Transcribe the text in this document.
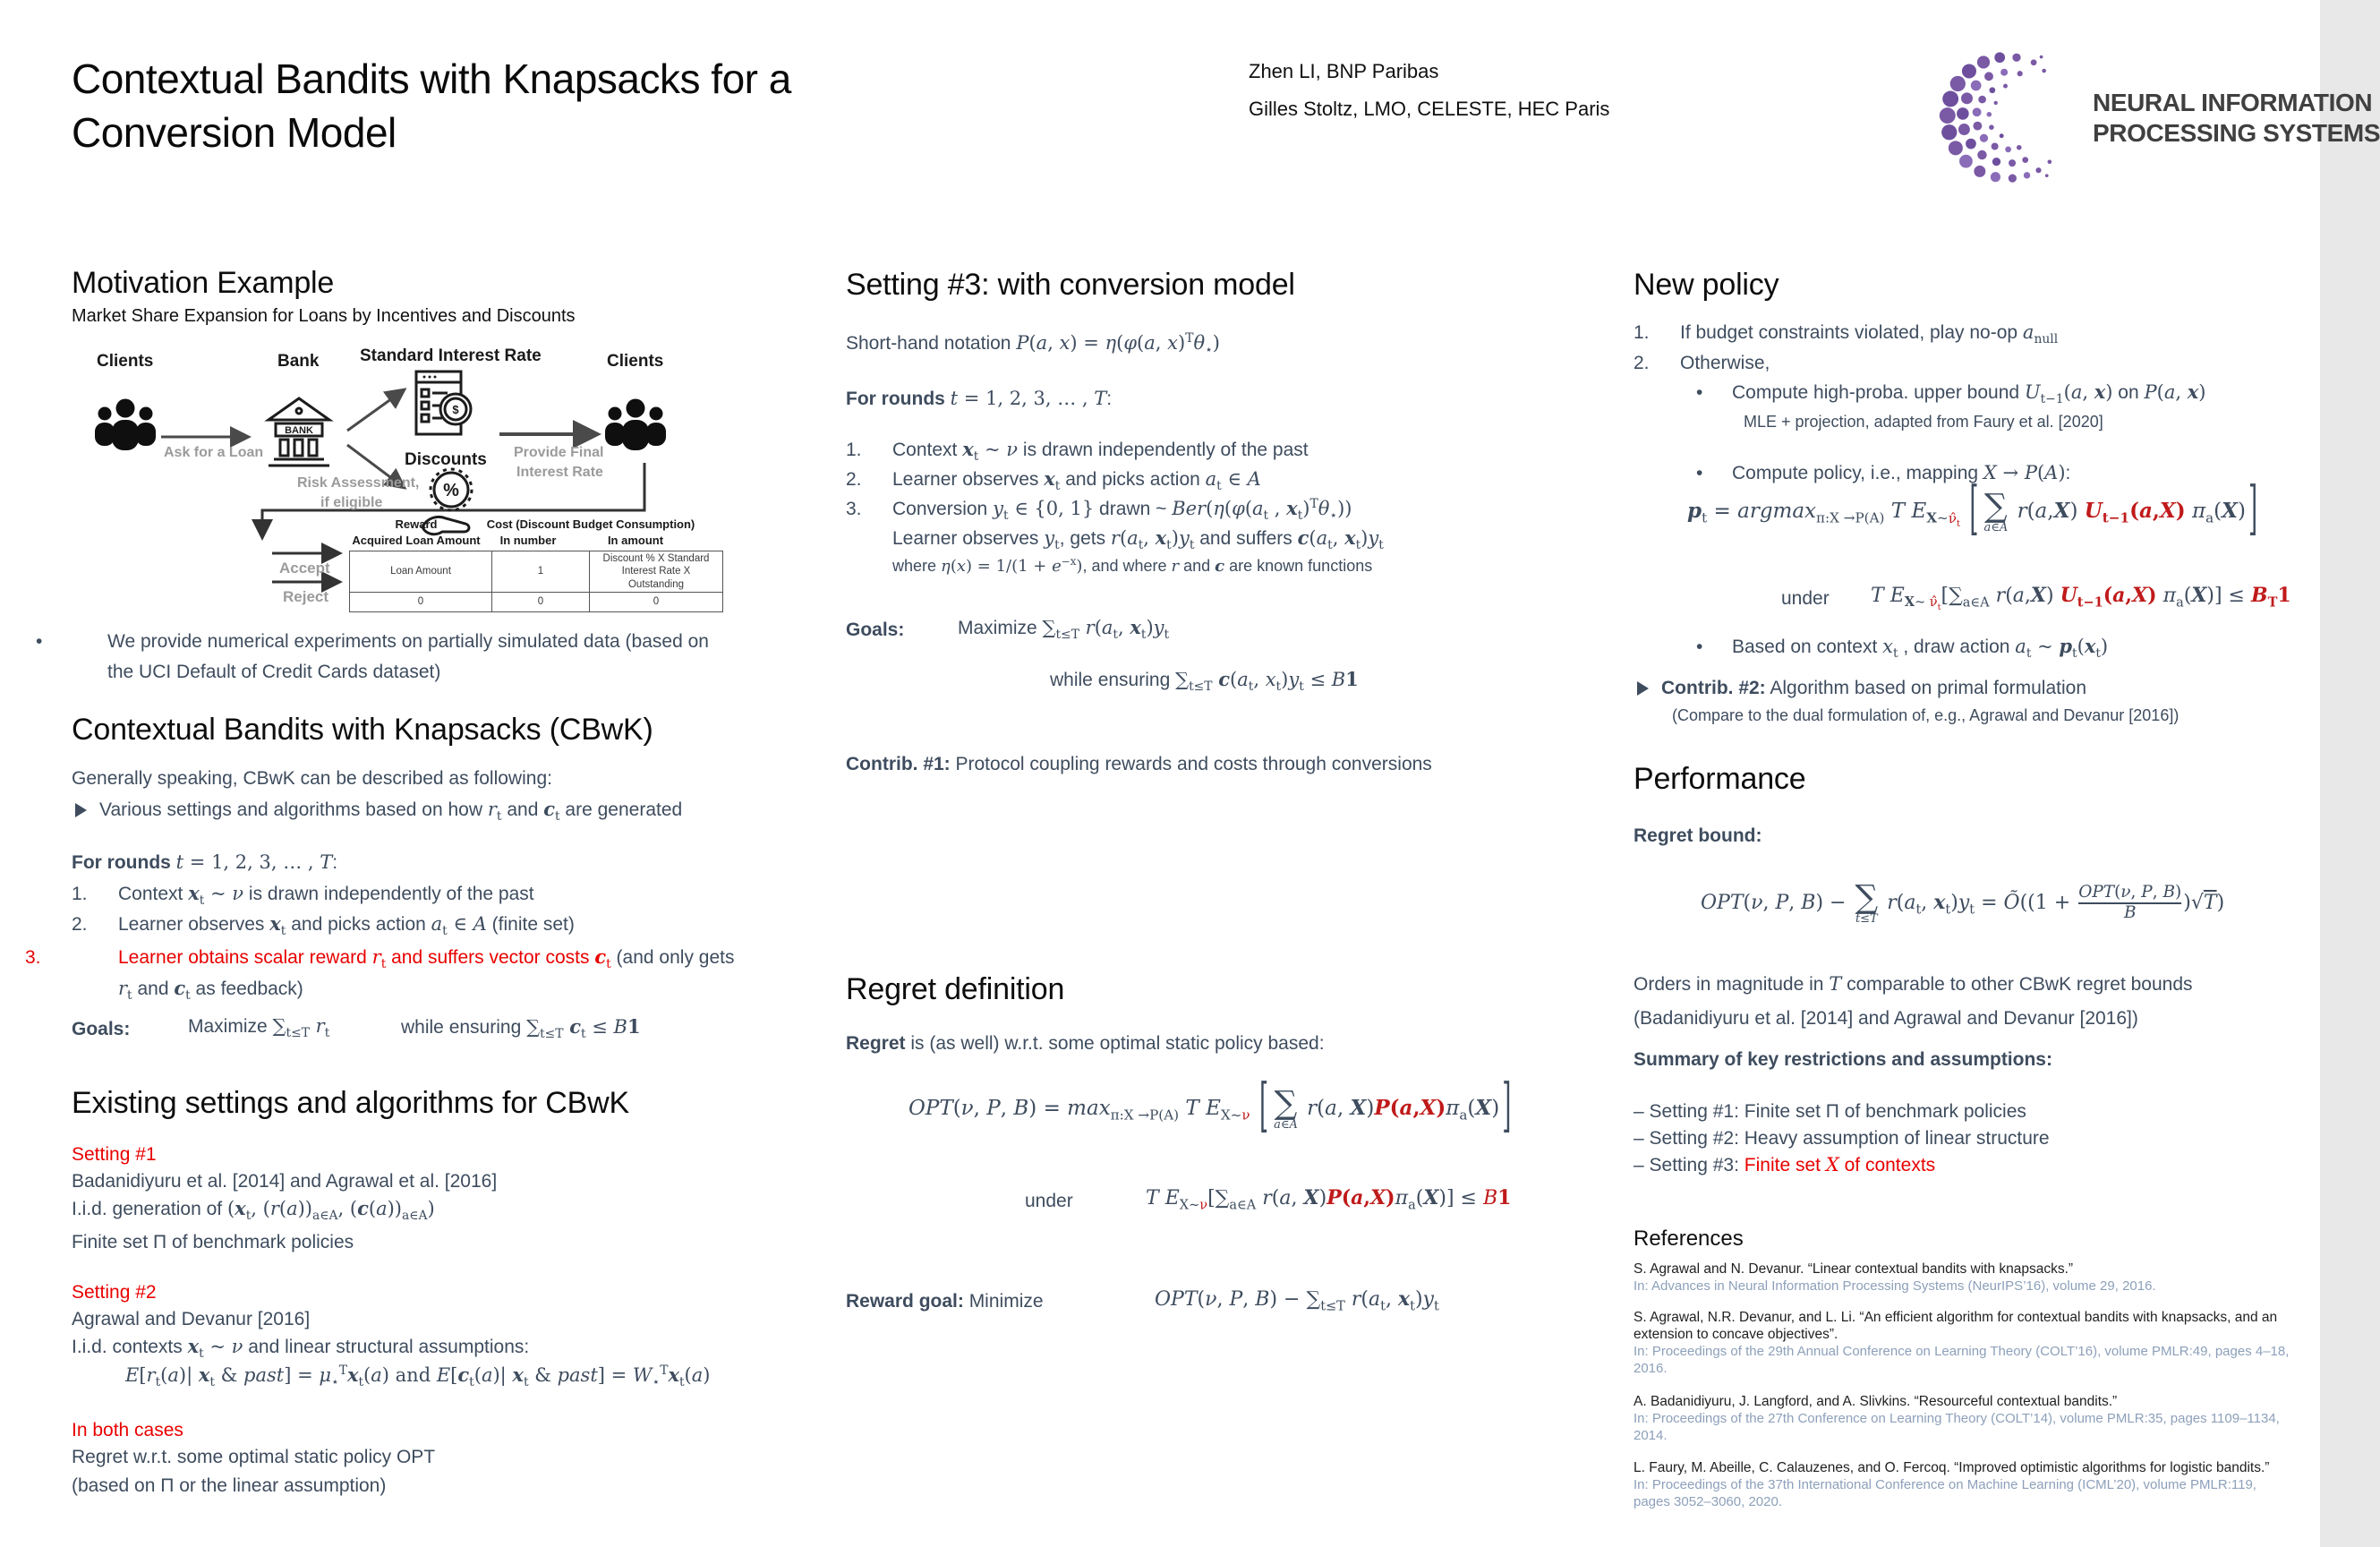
Contextual Bandits with Knapsacks for a
Conversion Model
Zhen LI, BNP Paribas
Gilles Stoltz, LMO, CELESTE, HEC Paris	NEURAL INFORMATION
PROCESSING SYSTEMS
Motivation Example
Market Share Expansion for Loans by Incentives and Discounts
Clients	Bank Standard Interest Rate	Clients
Ask for a Loan	Discounts
Risk Assessment,
if eligible
Provide Final
Interest Rate
Accept
Reject
BANK
$
%
Reward	Cost (Discount Budget Consumption)
Acquired Loan Amount	In number	In amount
Loan Amount	1	Discount % X Standard Interest Rate X Outstanding
0	0	0
•	We provide numerical experiments on partially simulated data (based on the UCI Default of Credit Cards dataset)
Contextual Bandits with Knapsacks (CBwK)
Generally speaking, CBwK can be described as following:
Various settings and algorithms based on how $r_t$ and $c_t$ are generated
For rounds t = 1, 2, 3, … , T:
1. Context $x_t$ ~ ν is drawn independently of the past
2. Learner observes $x_t$ and picks action $a_t$ ∈ A (finite set)
3.	Learner obtains scalar reward $r_t$ and suffers vector costs $c_t$ (and only gets $r_t$ and $c_t$ as feedback)
Goals:	Maximize $\sum_{t\le T}$ $r_t$	while ensuring $\sum_{t\le T}$ $c_t \le B1$
Existing settings and algorithms for CBwK
Setting #1
Badanidiyuru et al. [2014] and Agrawal et al. [2016]
I.i.d. generation of ($x_t$, $(r(a))_{a\in A}$, $(c(a))_{a\in A}$)
Finite set Π of benchmark policies
Setting #2
Agrawal and Devanur [2016]
I.i.d. contexts $x_t$ ~ ν and linear structural assumptions:
$E[r_t(a)|$ $x_t$ & past] = $\mu_⋆^Tx_t(a)$ and $E[c_t(a)|$ $x_t$ & past] = $W_⋆^Tx_t(a)$
In both cases
Regret w.r.t. some optimal static policy OPT
(based on Π or the linear assumption)
Setting #3: with conversion model
Short-hand notation P(a, x) = η(φ(a, $x)^T\theta_⋆$)
For rounds t = 1, 2, 3, … , T:
1. Context $x_t$ ~ ν is drawn independently of the past
2. Learner observes $x_t$ and picks action $a_t$ ∈ A
3. Conversion $y_t$ ∈ {0, 1} drawn ~ $Ber(\eta(\varphi(a_t$ , $x_t)^T\theta_⋆$))
Learner observes $y_t$, gets $r(a_t$, $x_t)y_t$ and suffers $c(a_t$, $x_t)y_t$
where $\eta(x) = 1/(1 + e^{-x})$, and where r and c are known functions
Goals:	Maximize $\sum_{t\le T}$ $r(a_t$, $x_t)y_t$
while ensuring $\sum_{t\le T}$ $c(a_t$, $x_t)y_t \le B1$
Contrib. #1: Protocol coupling rewards and costs through conversions
Regret definition
Regret is (as well) w.r.t. some optimal static policy based:
OPT(ν, P, $B) = \max_{\pi:X \to P(A)} T$ $E_{X\sim\nu}$ [ ∑
a∈A
r(a, $X)P(a,X)\pi_a(X)$ ]
under	T $E_{X\sim\nu}[\sum_{a\in A}$ r(a, $X)P(a,X)\pi_a(X)] \le B1$
Reward goal: Minimize	OPT(ν, P, $B) - \sum_{t\le T}$ $r(a_t$, $x_t)y_t$
New policy
1. If budget constraints violated, play no-op $a_{null}$
2. Otherwise,
• Compute high-proba. upper bound $U_{t-1}(a$, x) on P(a, x)
MLE + projection, adapted from Faury et al. [2020]
• Compute policy, i.e., mapping X → P(A):
$p_t = argmax_{\pi:X \to P(A)}$ T $E_{X\sim\nû_t}$ [ ∑
a∈A
r(a,X) $U_{t-1}(a,X)$ $\pi_a(X)$ ]
under T $E_{X\sim \nû_t}[\sum_{a\in A}$ r(a,X) $U_{t-1}(a,X) \pi_a(X)] \le B_T1$
• Based on context $x_t$ , draw action $a_t$ ~ $p_t(x_t)$
Contrib. #2: Algorithm based on primal formulation
(Compare to the dual formulation of, e.g., Agrawal and Devanur [2016])
Performance
Regret bound:
OPT(ν, P, B) − ∑
t≤T
$r(a_t$, $x_t)y_t$ = Õ((1 + $\frac{\text{OPT(ν, P, B)}}{B} )√T$)
Orders in magnitude in T comparable to other CBwK regret bounds (Badanidiyuru et al. [2014] and Agrawal and Devanur [2016])
Summary of key restrictions and assumptions:
– Setting #1: Finite set Π of benchmark policies
– Setting #2: Heavy assumption of linear structure
– Setting #3: Finite set X of contexts
References
S. Agrawal and N. Devanur. “Linear contextual bandits with knapsacks.”
In: Advances in Neural Information Processing Systems (NeurIPS’16), volume 29, 2016.
S. Agrawal, N.R. Devanur, and L. Li. “An efficient algorithm for contextual bandits with knapsacks, and an extension to concave objectives”.
In: Proceedings of the 29th Annual Conference on Learning Theory (COLT’16), volume PMLR:49, pages 4–18, 2016.
A. Badanidiyuru, J. Langford, and A. Slivkins. “Resourceful contextual bandits.”
In: Proceedings of the 27th Conference on Learning Theory (COLT’14), volume PMLR:35, pages 1109–1134, 2014.
L. Faury, M. Abeille, C. Calauzenes, and O. Fercoq. “Improved optimistic algorithms for logistic bandits.”
In: Proceedings of the 37th International Conference on Machine Learning (ICML’20), volume PMLR:119, pages 3052–3060, 2020.
